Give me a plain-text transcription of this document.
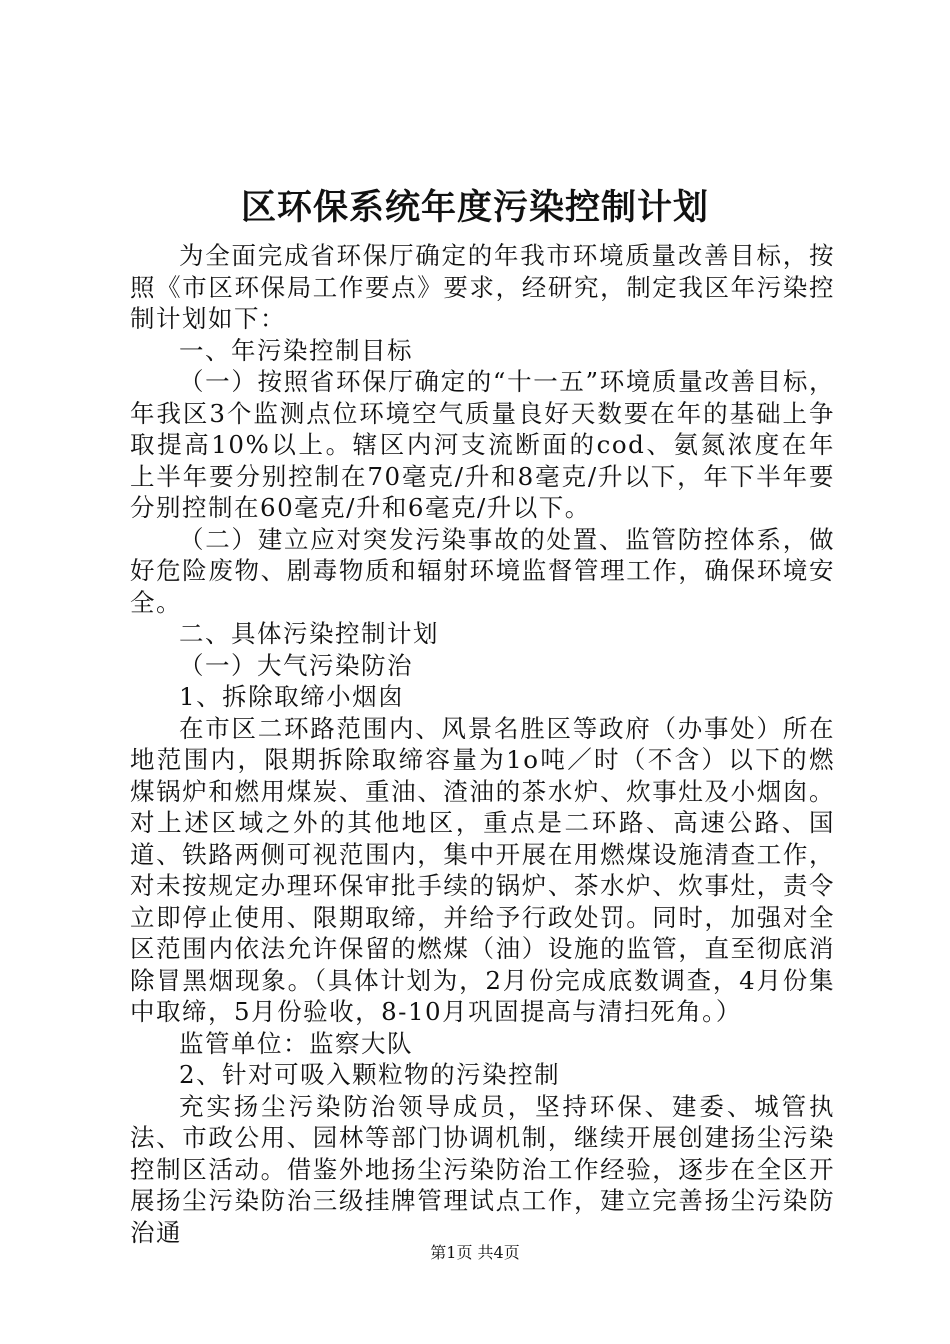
区环保系统年度污染控制计划

为全面完成省环保厅确定的年我市环境质量改善目标，按照《市区环保局工作要点》要求，经研究，制定我区年污染控制计划如下：

一、年污染控制目标

（一）按照省环保厅确定的“十一五”环境质量改善目标，年我区3个监测点位环境空气质量良好天数要在年的基础上争取提高10%以上。辖区内河支流断面的cod、氨氮浓度在年上半年要分别控制在70毫克/升和8毫克/升以下，年下半年要分别控制在60毫克/升和6毫克/升以下。

（二）建立应对突发污染事故的处置、监管防控体系，做好危险废物、剧毒物质和辐射环境监督管理工作，确保环境安全。

二、具体污染控制计划

（一）大气污染防治

1、拆除取缔小烟囱

在市区二环路范围内、风景名胜区等政府（办事处）所在地范围内，限期拆除取缔容量为1o吨／时（不含）以下的燃煤锅炉和燃用煤炭、重油、渣油的茶水炉、炊事灶及小烟囱。对上述区域之外的其他地区，重点是二环路、高速公路、国道、铁路两侧可视范围内，集中开展在用燃煤设施清查工作，对未按规定办理环保审批手续的锅炉、茶水炉、炊事灶，责令立即停止使用、限期取缔，并给予行政处罚。同时，加强对全区范围内依法允许保留的燃煤（油）设施的监管，直至彻底消除冒黑烟现象。（具体计划为，2月份完成底数调查，4月份集中取缔，5月份验收，8-10月巩固提高与清扫死角。）

监管单位：监察大队

2、针对可吸入颗粒物的污染控制

充实扬尘污染防治领导成员，坚持环保、建委、城管执法、市政公用、园林等部门协调机制，继续开展创建扬尘污染控制区活动。借鉴外地扬尘污染防治工作经验，逐步在全区开展扬尘污染防治三级挂牌管理试点工作，建立完善扬尘污染防治通

第1页 共4页
